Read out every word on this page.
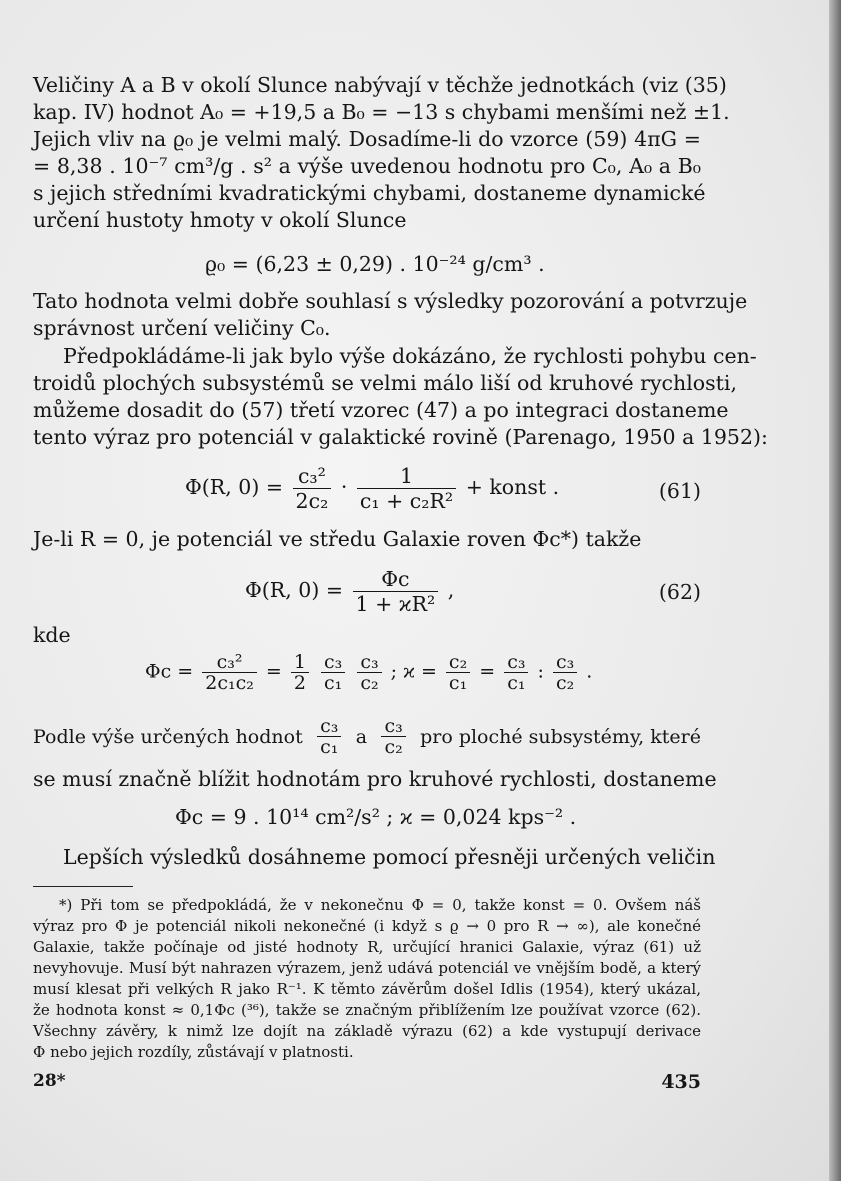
Veličiny A a B v okolí Slunce nabývají v těchže jednotkách (viz (35)
kap. IV) hodnot A₀ = +19,5 a B₀ = −13 s chybami menšími než ±1.
Jejich vliv na ϱ₀ je velmi malý. Dosadíme-li do vzorce (59) 4πG =
= 8,38 . 10⁻⁷ cm³/g . s² a výše uvedenou hodnotu pro C₀, A₀ a B₀
s jejich středními kvadratickými chybami, dostaneme dynamické
určení hustoty hmoty v okolí Slunce
ϱ₀ = (6,23 ± 0,29) . 10⁻²⁴ g/cm³ .
Tato hodnota velmi dobře souhlasí s výsledky pozorování a potvrzuje
správnost určení veličiny C₀.
Předpokládáme-li jak bylo výše dokázáno, že rychlosti pohybu cen-
troidů plochých subsystémů se velmi málo liší od kruhové rychlosti,
můžeme dosadit do (57) třetí vzorec (47) a po integraci dostaneme
tento výraz pro potenciál v galaktické rovině (Parenago, 1950 a 1952):
Φ(R, $0) = \frac{\text{c₃²}}{\text{2c₂}} \cdot \frac{1}{\text{c₁ + c₂R²}}$ + konst .	(61)
Je-li R = 0, je potenciál ve středu Galaxie roven Φc*) takže
Φ(R, $0) = \frac{\Phi c}{\text{1 + ϰR²}}$ ,	(62)
kde
$\Phi c = \frac{\text{c₃²}}{\text{2c₁c₂}} = \frac{1}{2}$
$\frac{\text{c₃}}{\text{c₁}}$
$\frac{\text{c₃}}{\text{c₂}}$ ; $ϰ = \frac{\text{c₂}}{\text{c₁}} = \frac{\text{c₃}}{\text{c₁}}$ : $\frac{\text{c₃}}{\text{c₂}}$ .
Podle výše určených hodnot $\frac{\text{c₃}}{\text{c₁}}$ a $\frac{\text{c₃}}{\text{c₂}}$ pro ploché subsystémy, které
se musí značně blížit hodnotám pro kruhové rychlosti, dostaneme
Φc = 9 . 10¹⁴ cm²/s² ; ϰ = 0,024 kps⁻² .
Lepších výsledků dosáhneme pomocí přesněji určených veličin
*) Při tom se předpokládá, že v nekonečnu Φ = 0, takže konst = 0. Ovšem náš
výraz pro Φ je potenciál nikoli nekonečné (i když s ϱ → 0 pro R → ∞), ale konečné
Galaxie, takže počínaje od jisté hodnoty R, určující hranici Galaxie, výraz (61) už
nevyhovuje. Musí být nahrazen výrazem, jenž udává potenciál ve vnějším bodě, a který
musí klesat při velkých R jako R⁻¹. K těmto závěrům došel Idlis (1954), který ukázal,
že hodnota konst ≈ 0,1Φc (³⁶), takže se značným přiblížením lze používat vzorce (62).
Všechny závěry, k nimž lze dojít na základě výrazu (62) a kde vystupují derivace
Φ nebo jejich rozdíly, zůstávají v platnosti.
28*	435
